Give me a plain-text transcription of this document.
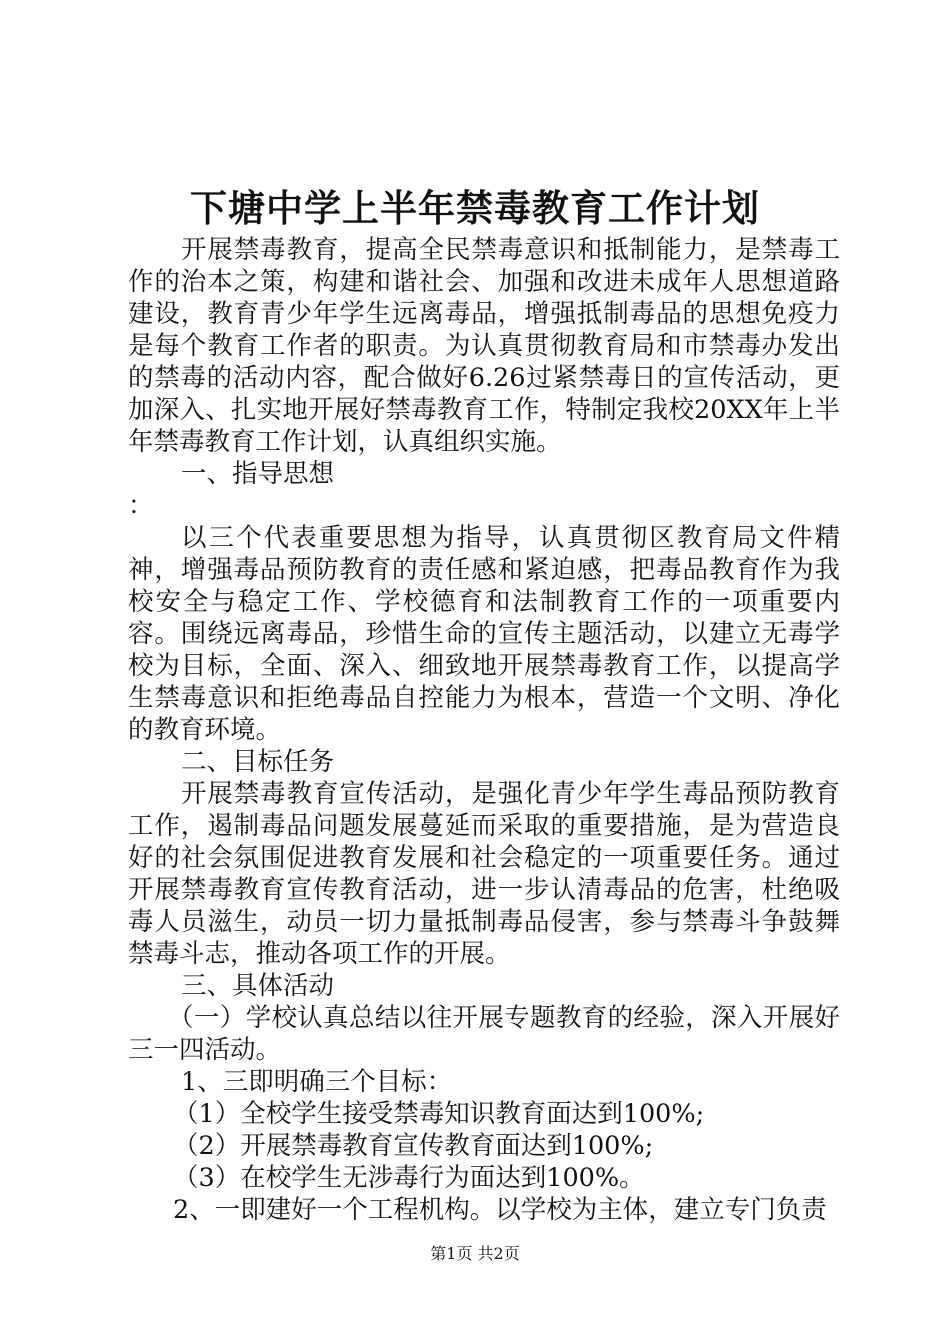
下塘中学上半年禁毒教育工作计划

开展禁毒教育，提高全民禁毒意识和抵制能力，是禁毒工作的治本之策，构建和谐社会、加强和改进未成年人思想道路建设，教育青少年学生远离毒品，增强抵制毒品的思想免疫力是每个教育工作者的职责。为认真贯彻教育局和市禁毒办发出的禁毒的活动内容，配合做好6.26过紧禁毒日的宣传活动，更加深入、扎实地开展好禁毒教育工作，特制定我校20XX年上半年禁毒教育工作计划，认真组织实施。

一、指导思想

：

以三个代表重要思想为指导，认真贯彻区教育局文件精神，增强毒品预防教育的责任感和紧迫感，把毒品教育作为我校安全与稳定工作、学校德育和法制教育工作的一项重要内容。围绕远离毒品，珍惜生命的宣传主题活动，以建立无毒学校为目标，全面、深入、细致地开展禁毒教育工作，以提高学生禁毒意识和拒绝毒品自控能力为根本，营造一个文明、净化的教育环境。

二、目标任务

开展禁毒教育宣传活动，是强化青少年学生毒品预防教育工作，遏制毒品问题发展蔓延而采取的重要措施，是为营造良好的社会氛围促进教育发展和社会稳定的一项重要任务。通过开展禁毒教育宣传教育活动，进一步认清毒品的危害，杜绝吸毒人员滋生，动员一切力量抵制毒品侵害，参与禁毒斗争鼓舞禁毒斗志，推动各项工作的开展。

三、具体活动

（一）学校认真总结以往开展专题教育的经验，深入开展好三一四活动。

1、三即明确三个目标：

（1）全校学生接受禁毒知识教育面达到100%;

（2）开展禁毒教育宣传教育面达到100%;

（3）在校学生无涉毒行为面达到100%。

2、一即建好一个工程机构。以学校为主体，建立专门负责

第1页 共2页
